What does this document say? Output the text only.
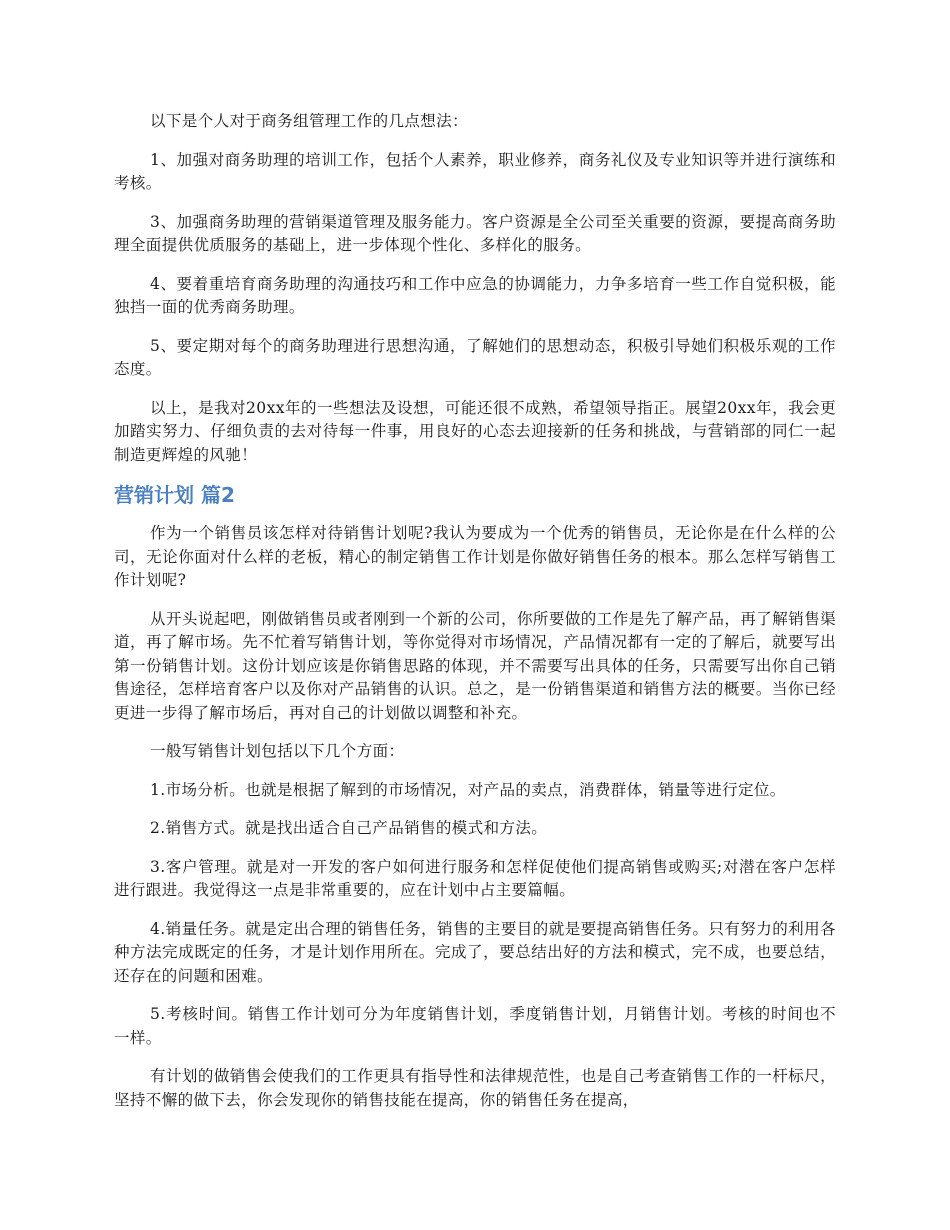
以下是个人对于商务组管理工作的几点想法：

1、加强对商务助理的培训工作，包括个人素养，职业修养，商务礼仪及专业知识等并进行演练和考核。

3、加强商务助理的营销渠道管理及服务能力。客户资源是全公司至关重要的资源，要提高商务助理全面提供优质服务的基础上，进一步体现个性化、多样化的服务。

4、要着重培育商务助理的沟通技巧和工作中应急的协调能力，力争多培育一些工作自觉积极，能独挡一面的优秀商务助理。

5、要定期对每个的商务助理进行思想沟通，了解她们的思想动态，积极引导她们积极乐观的工作态度。

以上，是我对20xx年的一些想法及设想，可能还很不成熟，希望领导指正。展望20xx年，我会更加踏实努力、仔细负责的去对待每一件事，用良好的心态去迎接新的任务和挑战，与营销部的同仁一起制造更辉煌的风驰！

营销计划 篇2

作为一个销售员该怎样对待销售计划呢?我认为要成为一个优秀的销售员，无论你是在什么样的公司，无论你面对什么样的老板，精心的制定销售工作计划是你做好销售任务的根本。那么怎样写销售工作计划呢?

从开头说起吧，刚做销售员或者刚到一个新的公司，你所要做的工作是先了解产品，再了解销售渠道，再了解市场。先不忙着写销售计划，等你觉得对市场情况，产品情况都有一定的了解后，就要写出第一份销售计划。这份计划应该是你销售思路的体现，并不需要写出具体的任务，只需要写出你自己销售途径，怎样培育客户以及你对产品销售的认识。总之，是一份销售渠道和销售方法的概要。当你已经更进一步得了解市场后，再对自己的计划做以调整和补充。

一般写销售计划包括以下几个方面：

1.市场分析。也就是根据了解到的市场情况，对产品的卖点，消费群体，销量等进行定位。

2.销售方式。就是找出适合自己产品销售的模式和方法。

3.客户管理。就是对一开发的客户如何进行服务和怎样促使他们提高销售或购买;对潜在客户怎样进行跟进。我觉得这一点是非常重要的，应在计划中占主要篇幅。

4.销量任务。就是定出合理的销售任务，销售的主要目的就是要提高销售任务。只有努力的利用各种方法完成既定的任务，才是计划作用所在。完成了，要总结出好的方法和模式，完不成，也要总结，还存在的问题和困难。

5.考核时间。销售工作计划可分为年度销售计划，季度销售计划，月销售计划。考核的时间也不 一样。

有计划的做销售会使我们的工作更具有指导性和法律规范性，也是自己考查销售工作的一杆标尺，坚持不懈的做下去，你会发现你的销售技能在提高，你的销售任务在提高，
